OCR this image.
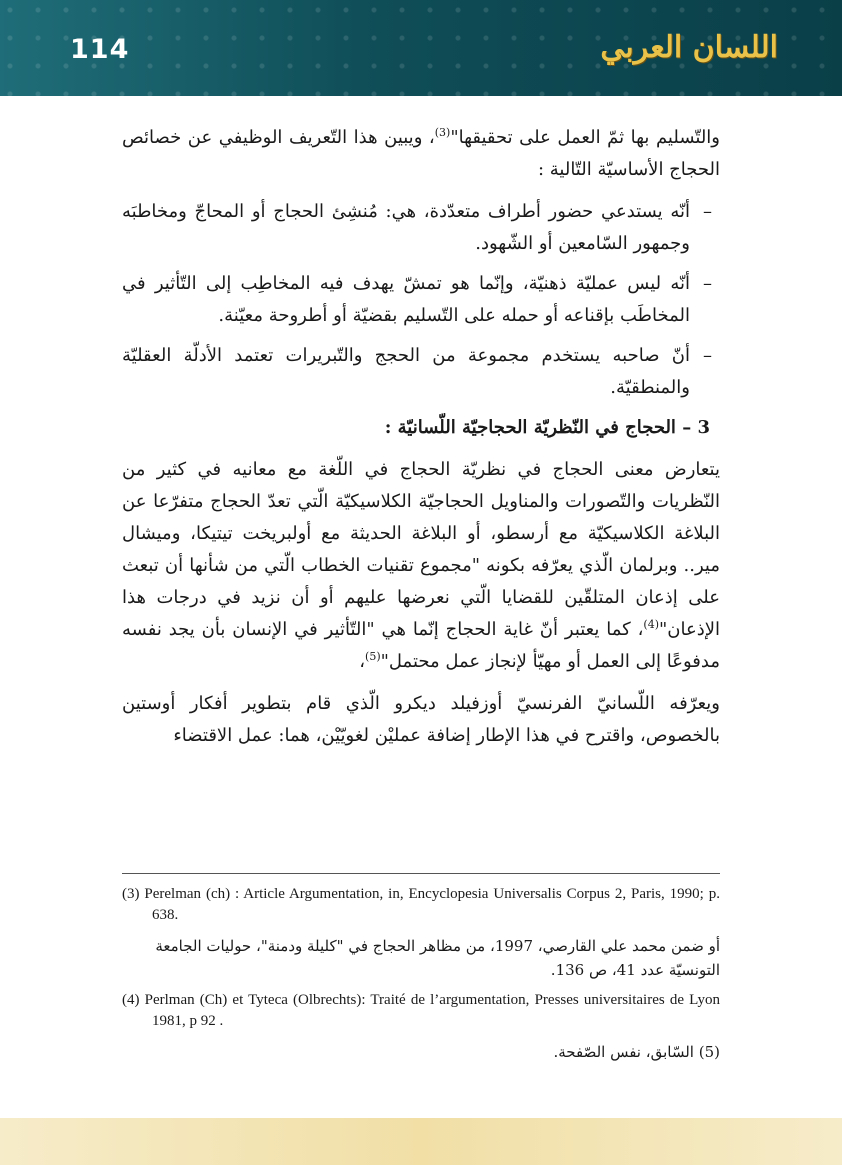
114	اللسان العربي

والتّسليم بها ثمّ العمل على تحقيقها"$^{(3)}$، ويبين هذا التّعريف الوظيفي عن خصائص الحجاج الأساسيّة التّالية :

–
أنّه يستدعي حضور أطراف متعدّدة، هي: مُنشِئ الحجاج أو المحاجّ ومخاطبَه وجمهور السّامعين أو الشّهود.
–
أنّه ليس عمليّة ذهنيّة، وإنّما هو تمشّ يهدف فيه المخاطِب إلى التّأثير في المخاطَب بإقناعه أو حمله على التّسليم بقضيّة أو أطروحة معيّنة.
–
أنّ صاحبه يستخدم مجموعة من الحجج والتّبريرات تعتمد الأدلّة العقليّة والمنطقيّة.
3 – الحجاج في النّظريّة الحجاجيّة اللّسانيّة :

يتعارض معنى الحجاج في نظريّة الحجاج في اللّغة مع معانيه في كثير من النّظريات والتّصورات والمناويل الحجاجيّة الكلاسيكيّة الّتي تعدّ الحجاج متفرّعا عن البلاغة الكلاسيكيّة مع أرسطو، أو البلاغة الحديثة مع أولبريخت تيتيكا، وميشال مير.. وبرلمان الّذي يعرّفه بكونه "مجموع تقنيات الخطاب الّتي من شأنها أن تبعث على إذعان المتلقّين للقضايا الّتي نعرضها عليهم أو أن نزيد في درجات هذا الإذعان"$^{(4)}$، كما يعتبر أنّ غاية الحجاج إنّما هي "التّأثير في الإنسان بأن يجد نفسه مدفوعًا إلى العمل أو مهيّأ لإنجاز عمل محتمل"$^{(5)}$،

ويعرّفه اللّسانيّ الفرنسيّ أوزفيلد ديكرو الّذي قام بتطوير أفكار أوستين بالخصوص، واقترح في هذا الإطار إضافة عمليْن لغويّيْن، هما: عمل الاقتضاء

(3) Perelman (ch) : Article Argumentation, in, Encyclopesia Universalis Corpus 2, Paris, 1990; p. 638.

أو ضمن محمد علي القارصي، 1997، من مظاهر الحجاج في "كليلة ودمنة"، حوليات الجامعة التونسيّة عدد 41، ص 136.

(4) Perlman (Ch) et Tyteca (Olbrechts): Traité de l’argumentation, Presses universitaires de Lyon 1981, p 92 .

(5) السّابق، نفس الصّفحة.
